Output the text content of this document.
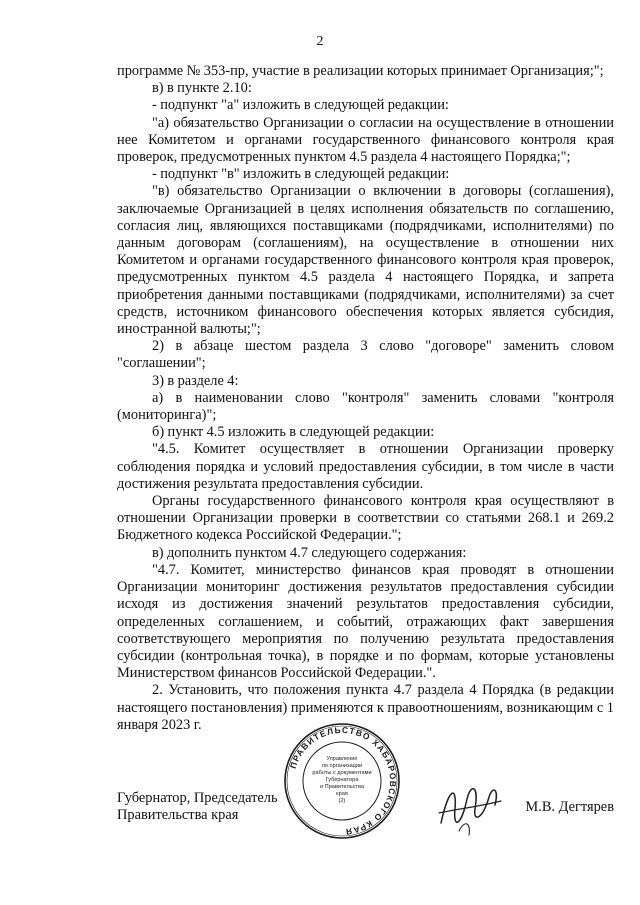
2

программе № 353-пр, участие в реализации которых принимает Организация;";

в) в пункте 2.10:

- подпункт "а" изложить в следующей редакции:

"а) обязательство Организации о согласии на осуществление в отношении нее Комитетом и органами государственного финансового контроля края проверок, предусмотренных пунктом 4.5 раздела 4 настоящего Порядка;";

- подпункт "в" изложить в следующей редакции:

"в) обязательство Организации о включении в договоры (соглашения), заключаемые Организацией в целях исполнения обязательств по соглашению, согласия лиц, являющихся поставщиками (подрядчиками, исполнителями) по данным договорам (соглашениям), на осуществление в отношении них Комитетом и органами государственного финансового контроля края проверок, предусмотренных пунктом 4.5 раздела 4 настоящего Порядка, и запрета приобретения данными поставщиками (подрядчиками, исполнителями) за счет средств, источником финансового обеспечения которых является субсидия, иностранной валюты;";

2) в абзаце шестом раздела 3 слово "договоре" заменить словом "соглашении";

3) в разделе 4:

а) в наименовании слово "контроля" заменить словами "контроля (мониторинга)";

б) пункт 4.5 изложить в следующей редакции:

"4.5. Комитет осуществляет в отношении Организации проверку соблюдения порядка и условий предоставления субсидии, в том числе в части достижения результата предоставления субсидии.

Органы государственного финансового контроля края осуществляют в отношении Организации проверки в соответствии со статьями 268.1 и 269.2 Бюджетного кодекса Российской Федерации.";

в) дополнить пунктом 4.7 следующего содержания:

"4.7. Комитет, министерство финансов края проводят в отношении Организации мониторинг достижения результатов предоставления субсидии исходя из достижения значений результатов предоставления субсидии, определенных соглашением, и событий, отражающих факт завершения соответствующего мероприятия по получению результата предоставления субсидии (контрольная точка), в порядке и по формам, которые установлены Министерством финансов Российской Федерации.".

2. Установить, что положения пункта 4.7 раздела 4 Порядка (в редакции настоящего постановления) применяются к правоотношениям, возникающим с 1 января 2023 г.

Губернатор, Председатель
Правительства края
ПРАВИТЕЛЬСТВО ХАБАРОВСКОГО КРАЯ
Управление
по организации
работы с документами
Губернатора
и Правительства
края
(2)	М.В. Дегтярев
